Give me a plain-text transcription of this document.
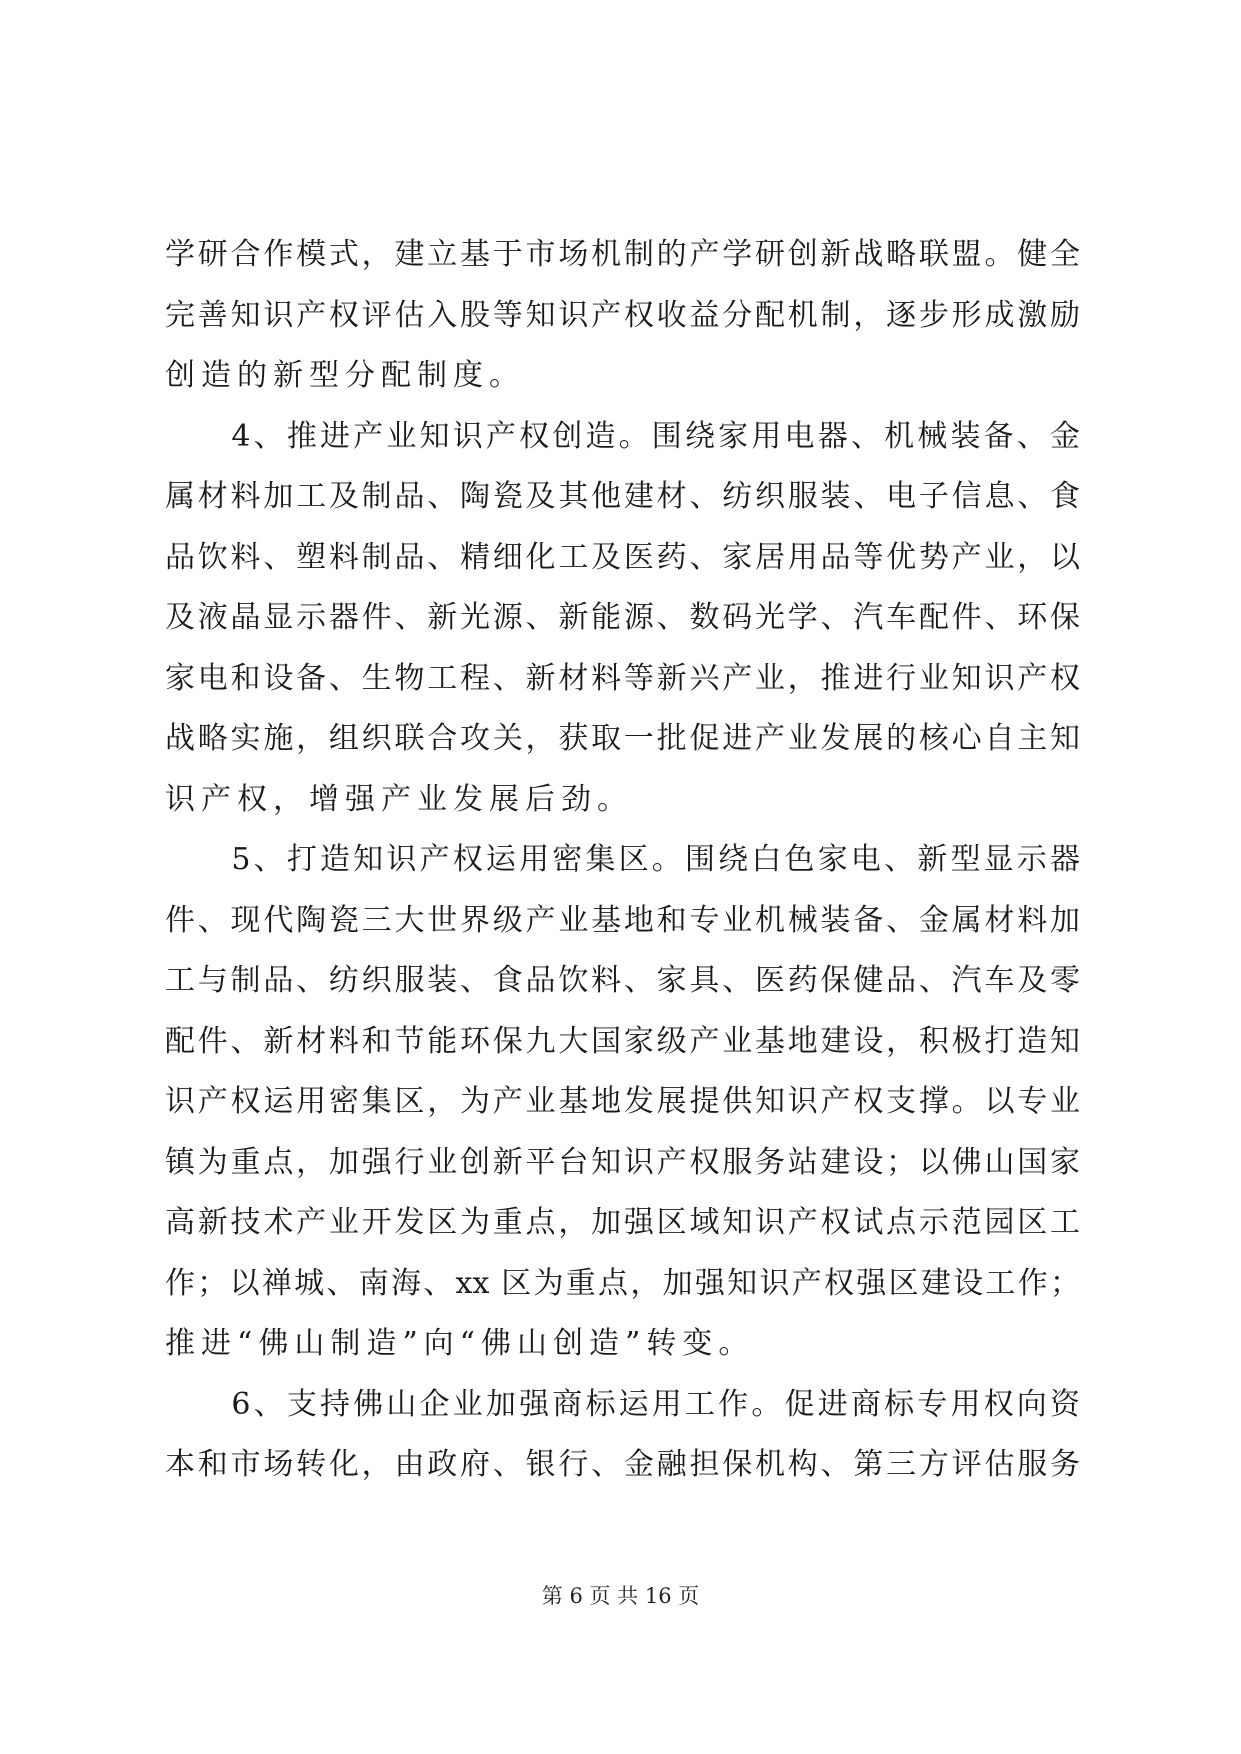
学研合作模式，建立基于市场机制的产学研创新战略联盟。健全
完善知识产权评估入股等知识产权收益分配机制，逐步形成激励
创造的新型分配制度。
　　4、推进产业知识产权创造。围绕家用电器、机械装备、金
属材料加工及制品、陶瓷及其他建材、纺织服装、电子信息、食
品饮料、塑料制品、精细化工及医药、家居用品等优势产业，以
及液晶显示器件、新光源、新能源、数码光学、汽车配件、环保
家电和设备、生物工程、新材料等新兴产业，推进行业知识产权
战略实施，组织联合攻关，获取一批促进产业发展的核心自主知
识产权，增强产业发展后劲。
　　5、打造知识产权运用密集区。围绕白色家电、新型显示器
件、现代陶瓷三大世界级产业基地和专业机械装备、金属材料加
工与制品、纺织服装、食品饮料、家具、医药保健品、汽车及零
配件、新材料和节能环保九大国家级产业基地建设，积极打造知
识产权运用密集区，为产业基地发展提供知识产权支撑。以专业
镇为重点，加强行业创新平台知识产权服务站建设；以佛山国家
高新技术产业开发区为重点，加强区域知识产权试点示范园区工
作；以禅城、南海、xx 区为重点，加强知识产权强区建设工作；
推进“佛山制造”向“佛山创造”转变。
　　6、支持佛山企业加强商标运用工作。促进商标专用权向资
本和市场转化，由政府、银行、金融担保机构、第三方评估服务
第 6 页 共 16 页
